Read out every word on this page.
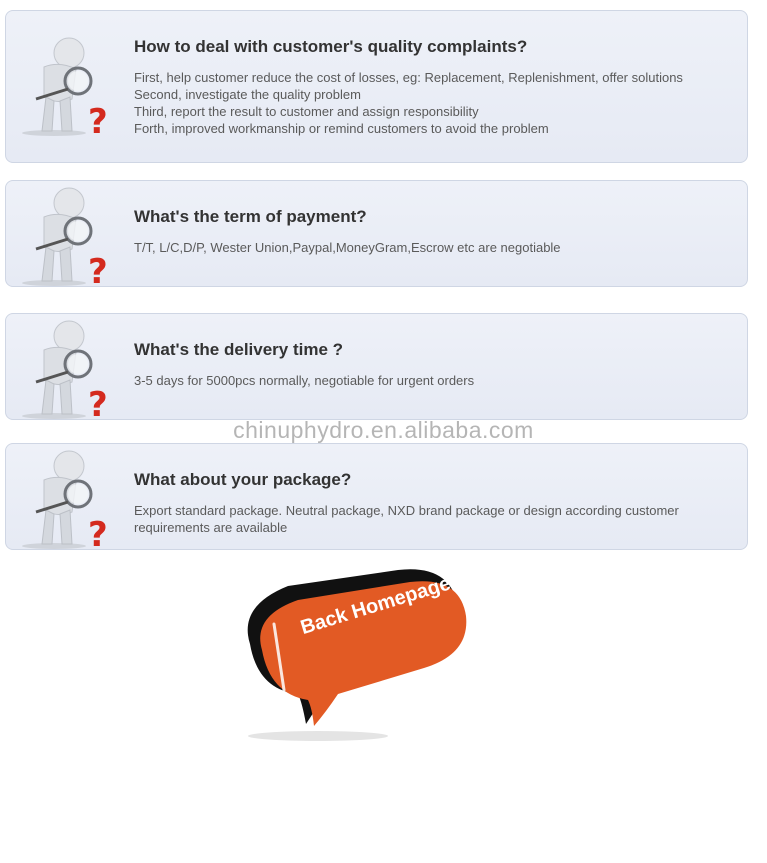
?
How to deal with customer's quality complaints?
First, help customer reduce the cost of losses, eg: Replacement, Replenishment, offer solutions
Second, investigate the quality problem
Third, report the result to customer and assign responsibility
Forth, improved workmanship or remind customers to avoid the problem
?
What's the term of payment?
T/T, L/C,D/P, Wester Union,Paypal,MoneyGram,Escrow etc are negotiable
?
What's the delivery time ?
3-5 days for 5000pcs normally, negotiable for urgent orders
chinuphydro.en.alibaba.com
?
What about your package?
Export standard package. Neutral package, NXD brand package or design according customer requirements are available
Back Homepage
